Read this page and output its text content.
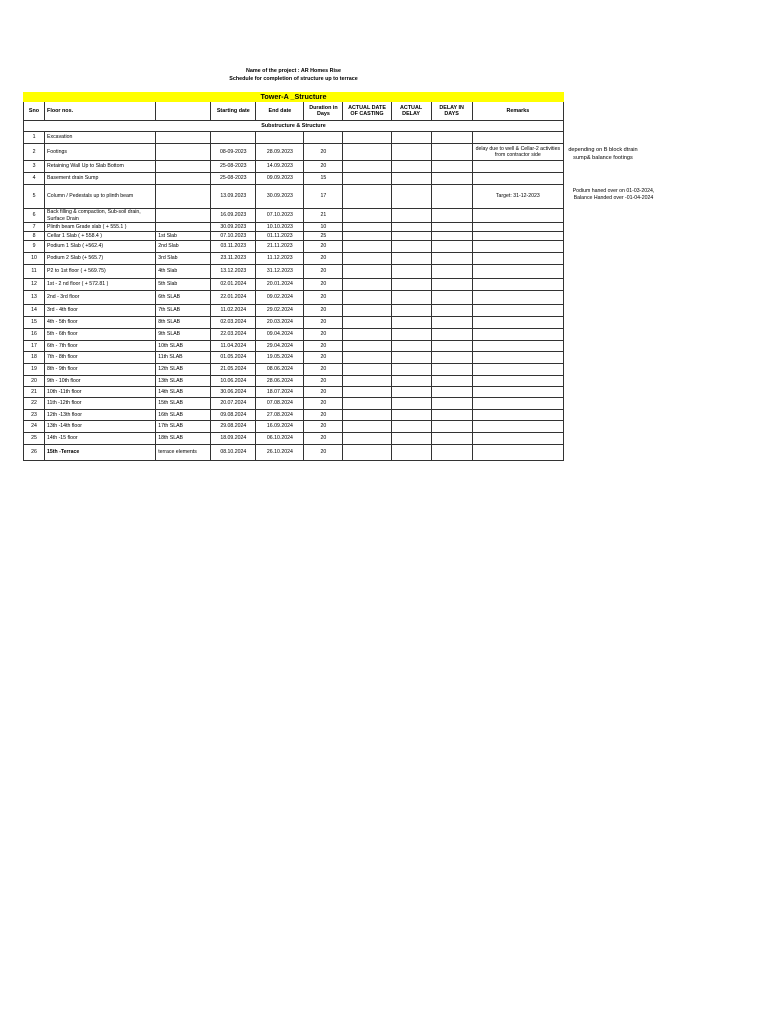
Name of the project : AR Homes Rise
Schedule for completion of structure up to terrace
Tower-A _Structure									
Sno	Floor nos.		Starting date	End date	Duration in Days	ACTUAL DATE OF CASTING	ACTUAL DELAY	DELAY IN DAYS	Remarks
Substructure & Structure									
1	Excavation								
2	Footings		08-09-2023	28.09.2023	20				delay due to well & Cellar-2 activities from contractor side
3	Retaining Wall Up to Slab Bottom		25-08-2023	14.09.2023	20				
4	Basement drain Sump		25-08-2023	09.09.2023	15				
5	Column / Pedestals up to plinth beam		13.09.2023	30.09.2023	17				Target: 31-12-2023
6	Back filling & compaction, Sub-soil drain, Surface Drain		16.09.2023	07.10.2023	21				
7	Plinth beam Grade slab ( + 555.1 )		30.09.2023	10.10.2023	10				
8	Cellar 1 Slab ( + 558.4 )	1st Slab	07.10.2023	01.11.2023	25				
9	Podium 1 Slab ( +562.4)	2nd Slab	03.11.2023	21.11.2023	20				
10	Podium 2 Slab (+ 565.7)	3rd Slab	23.11.2023	11.12.2023	20				
11	P2 to 1st floor ( + 569.75)	4th Slab	13.12.2023	31.12.2023	20				
12	1st - 2 nd floor ( + 572.81 )	5th Slab	02.01.2024	20.01.2024	20				
13	2nd - 3rd floor	6th SLAB	22.01.2024	09.02.2024	20				
14	3rd - 4th floor	7th SLAB	11.02.2024	29.02.2024	20				
15	4th - 5th floor	8th SLAB	02.03.2024	20.03.2024	20				
16	5th - 6th floor	9th SLAB	22.03.2024	09.04.2024	20				
17	6th - 7th floor	10th SLAB	11.04.2024	29.04.2024	20				
18	7th - 8th floor	11th SLAB	01.05.2024	19.05.2024	20				
19	8th - 9th floor	12th SLAB	21.05.2024	08.06.2024	20				
20	9th - 10th floor	13th SLAB	10.06.2024	28.06.2024	20				
21	10th -11th floor	14th SLAB	30.06.2024	18.07.2024	20				
22	11th -12th floor	15th SLAB	20.07.2024	07.08.2024	20				
23	12th -13th floor	16th SLAB	09.08.2024	27.08.2024	20				
24	13th -14th floor	17th SLAB	29.08.2024	16.09.2024	20				
25	14th -15 floor	18th SLAB	18.09.2024	06.10.2024	20				
26	15th -Terrace	terrace elements	08.10.2024	26.10.2024	20				
depending on B block dtrain sump& balance footings
Podium haned over on 01-03-2024, Balance Handed over -01-04-2024
